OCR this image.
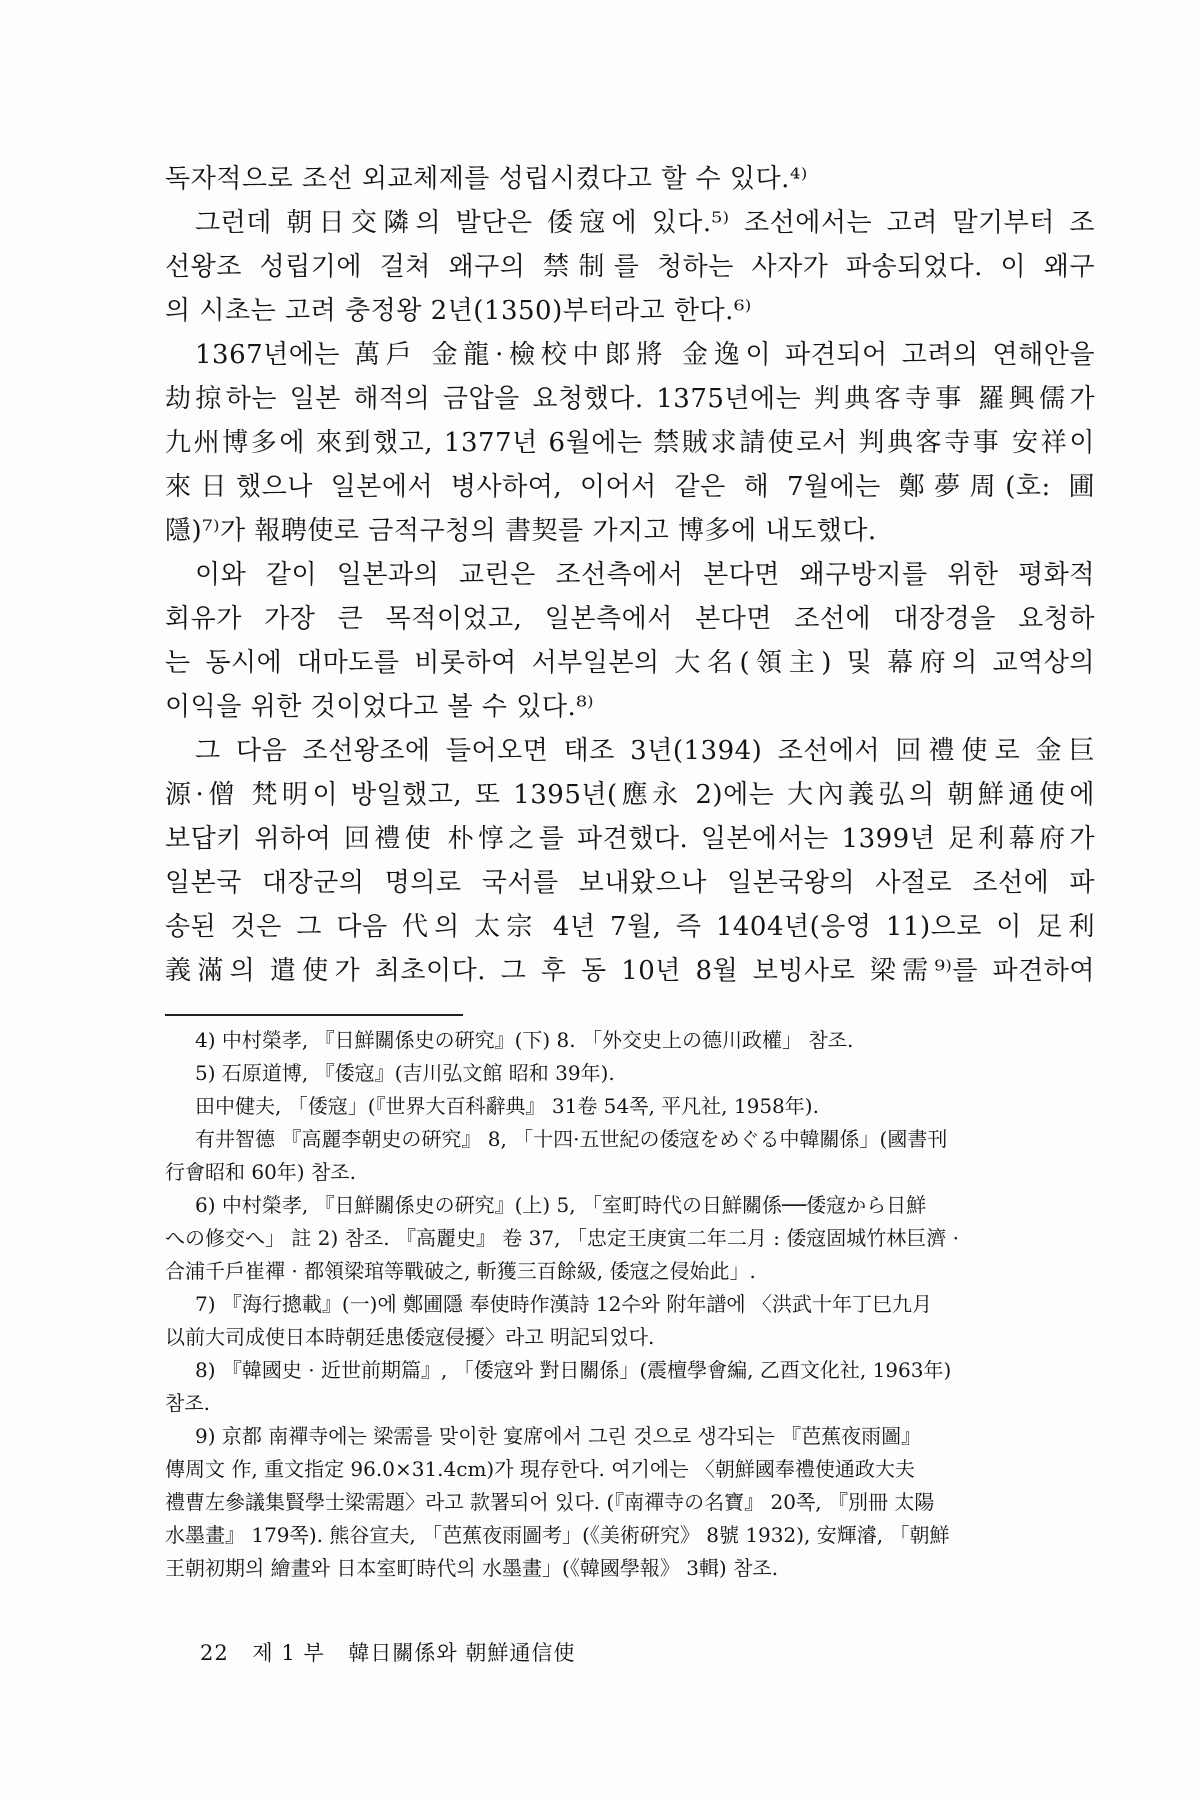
독자적으로 조선 외교체제를 성립시켰다고 할 수 있다.⁴⁾

그런데 朝日交隣의 발단은 倭寇에 있다.⁵⁾ 조선에서는 고려 말기부터 조

선왕조 성립기에 걸쳐 왜구의 禁制를 청하는 사자가 파송되었다. 이 왜구

의 시초는 고려 충정왕 2년(1350)부터라고 한다.⁶⁾

1367년에는 萬戶 金龍·檢校中郞將 金逸이 파견되어 고려의 연해안을

劫掠하는 일본 해적의 금압을 요청했다. 1375년에는 判典客寺事 羅興儒가

九州博多에 來到했고, 1377년 6월에는 禁賊求請使로서 判典客寺事 安祥이

來日했으나 일본에서 병사하여, 이어서 같은 해 7월에는 鄭夢周(호: 圃

隱)⁷⁾가 報聘使로 금적구청의 書契를 가지고 博多에 내도했다.

이와 같이 일본과의 교린은 조선측에서 본다면 왜구방지를 위한 평화적

회유가 가장 큰 목적이었고, 일본측에서 본다면 조선에 대장경을 요청하

는 동시에 대마도를 비롯하여 서부일본의 大名(領主) 및 幕府의 교역상의

이익을 위한 것이었다고 볼 수 있다.⁸⁾

그 다음 조선왕조에 들어오면 태조 3년(1394) 조선에서 回禮使로 金巨

源·僧 梵明이 방일했고, 또 1395년(應永 2)에는 大內義弘의 朝鮮通使에

보답키 위하여 回禮使 朴惇之를 파견했다. 일본에서는 1399년 足利幕府가

일본국 대장군의 명의로 국서를 보내왔으나 일본국왕의 사절로 조선에 파

송된 것은 그 다음 代의 太宗 4년 7월, 즉 1404년(응영 11)으로 이 足利

義滿의 遣使가 최초이다. 그 후 동 10년 8월 보빙사로 梁需⁹⁾를 파견하여

4) 中村榮孝, 『日鮮關係史の硏究』(下) 8. 「外交史上の德川政權」 참조.

5) 石原道博, 『倭寇』(吉川弘文館 昭和 39年).

田中健夫, 「倭寇」(『世界大百科辭典』 31卷 54쪽, 平凡社, 1958年).

有井智德 『高麗李朝史の硏究』 8, 「十四·五世紀の倭寇をめぐる中韓關係」(國書刊

行會昭和 60年) 참조.

6) 中村榮孝, 『日鮮關係史の硏究』(上) 5, 「室町時代の日鮮關係──倭寇から日鮮

への修交へ」 註 2) 참조. 『高麗史』 卷 37, 「忠定王庚寅二年二月 : 倭寇固城竹林巨濟 ·

合浦千戶崔禪 · 都領梁琯等戰破之, 斬獲三百餘級, 倭寇之侵始此」.

7) 『海行摠載』(一)에 鄭圃隱 奉使時作漢詩 12수와 附年譜에 〈洪武十年丁巳九月

以前大司成使日本時朝廷患倭寇侵擾〉라고 明記되었다.

8) 『韓國史 · 近世前期篇』, 「倭寇와 對日關係」(震檀學會編, 乙酉文化社, 1963年)

참조.

9) 京都 南禪寺에는 梁需를 맞이한 宴席에서 그린 것으로 생각되는 『芭蕉夜雨圖』

傳周文 作, 重文指定 96.0×31.4cm)가 現存한다. 여기에는 〈朝鮮國奉禮使通政大夫

禮曹左參議集賢學士梁需題〉라고 款署되어 있다. (『南禪寺の名寶』 20쪽, 『別冊 太陽

水墨畫』 179쪽). 熊谷宣夫, 「芭蕉夜雨圖考」(《美術硏究》 8號 1932), 安輝濬, 「朝鮮

王朝初期의 繪畫와 日本室町時代의 水墨畫」(《韓國學報》 3輯) 참조.

22 제 1 부 韓日關係와 朝鮮通信使
